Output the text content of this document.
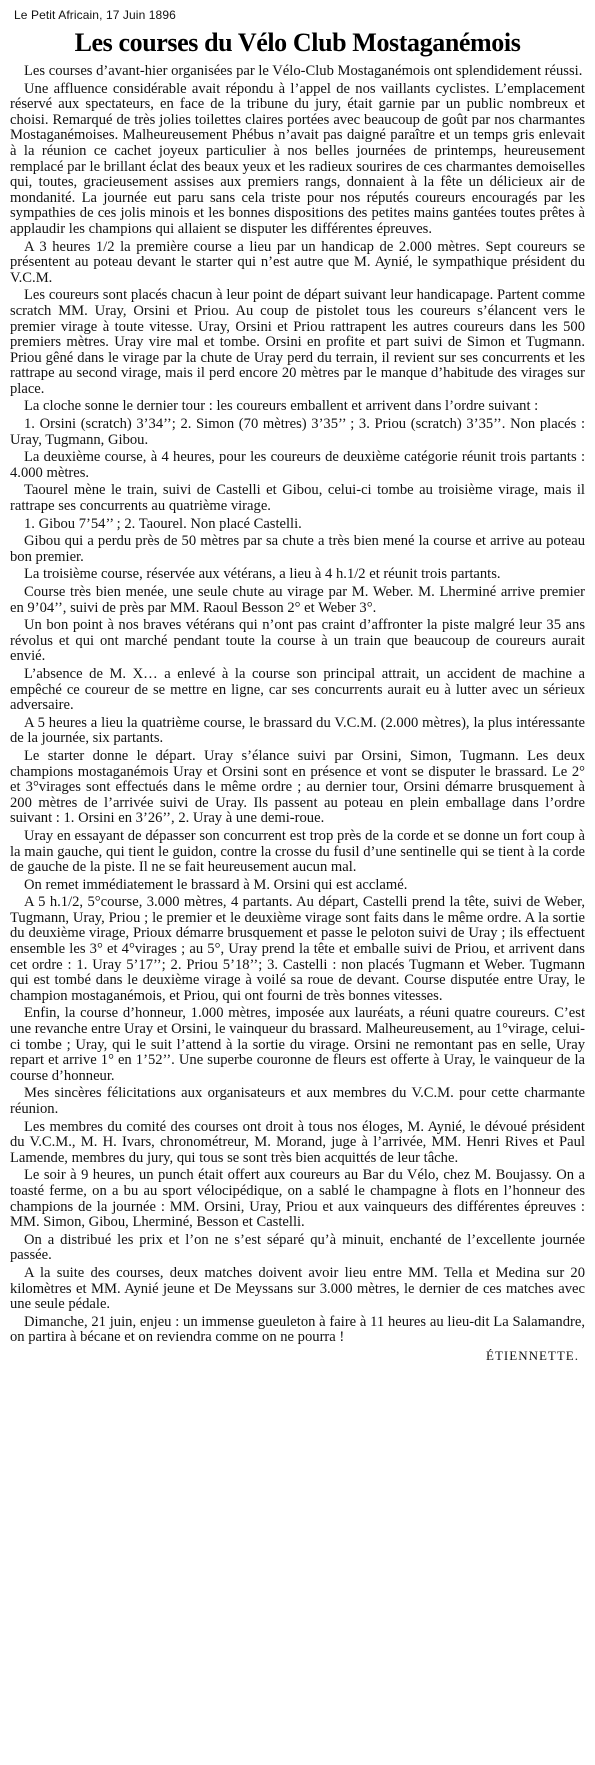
Le Petit Africain, 17 Juin 1896
Les courses du Vélo Club Mostaganémois

Les courses d’avant-hier organisées par le Vélo-Club Mostaganémois ont splendidement réussi.

Une affluence considérable avait répondu à l’appel de nos vaillants cyclistes. L’emplacement réservé aux spectateurs, en face de la tribune du jury, était garnie par un public nombreux et choisi. Remarqué de très jolies toilettes claires portées avec beaucoup de goût par nos charmantes Mostaganémoises. Malheureusement Phébus n’avait pas daigné paraître et un temps gris enlevait à la réunion ce cachet joyeux particulier à nos belles journées de printemps, heureusement remplacé par le brillant éclat des beaux yeux et les radieux sourires de ces charmantes demoiselles qui, toutes, gracieusement assises aux premiers rangs, donnaient à la fête un délicieux air de mondanité. La journée eut paru sans cela triste pour nos réputés coureurs encouragés par les sympathies de ces jolis minois et les bonnes dispositions des petites mains gantées toutes prêtes à applaudir les champions qui allaient se disputer les différentes épreuves.

A 3 heures 1/2 la première course a lieu par un handicap de 2.000 mètres. Sept coureurs se présentent au poteau devant le starter qui n’est autre que M. Aynié, le sympathique président du V.C.M.

Les coureurs sont placés chacun à leur point de départ suivant leur handicapage. Partent comme scratch MM. Uray, Orsini et Priou. Au coup de pistolet tous les coureurs s’élancent vers le premier virage à toute vitesse. Uray, Orsini et Priou rattrapent les autres coureurs dans les 500 premiers mètres. Uray vire mal et tombe. Orsini en profite et part suivi de Simon et Tugmann. Priou gêné dans le virage par la chute de Uray perd du terrain, il revient sur ses concurrents et les rattrape au second virage, mais il perd encore 20 mètres par le manque d’habitude des virages sur place.

La cloche sonne le dernier tour : les coureurs emballent et arrivent dans l’ordre suivant :

1. Orsini (scratch) 3’34’’; 2. Simon (70 mètres) 3’35’’ ; 3. Priou (scratch) 3’35’’. Non placés : Uray, Tugmann, Gibou.

La deuxième course, à 4 heures, pour les coureurs de deuxième catégorie réunit trois partants : 4.000 mètres.

Taourel mène le train, suivi de Castelli et Gibou, celui-ci tombe au troisième virage, mais il rattrape ses concurrents au quatrième virage.

1. Gibou 7’54’’ ; 2. Taourel. Non placé Castelli.

Gibou qui a perdu près de 50 mètres par sa chute a très bien mené la course et arrive au poteau bon premier.

La troisième course, réservée aux vétérans, a lieu à 4 h.1/2 et réunit trois partants.

Course très bien menée, une seule chute au virage par M. Weber. M. Lherminé arrive premier en 9’04’’, suivi de près par MM. Raoul Besson 2° et Weber 3°.

Un bon point à nos braves vétérans qui n’ont pas craint d’affronter la piste malgré leur 35 ans révolus et qui ont marché pendant toute la course à un train que beaucoup de coureurs aurait envié.

L’absence de M. X… a enlevé à la course son principal attrait, un accident de machine a empêché ce coureur de se mettre en ligne, car ses concurrents aurait eu à lutter avec un sérieux adversaire.

A 5 heures a lieu la quatrième course, le brassard du V.C.M. (2.000 mètres), la plus intéressante de la journée, six partants.

Le starter donne le départ. Uray s’élance suivi par Orsini, Simon, Tugmann. Les deux champions mostaganémois Uray et Orsini sont en présence et vont se disputer le brassard. Le 2° et 3°virages sont effectués dans le même ordre ; au dernier tour, Orsini démarre brusquement à 200 mètres de l’arrivée suivi de Uray. Ils passent au poteau en plein emballage dans l’ordre suivant : 1. Orsini en 3’26’’, 2. Uray à une demi-roue.

Uray en essayant de dépasser son concurrent est trop près de la corde et se donne un fort coup à la main gauche, qui tient le guidon, contre la crosse du fusil d’une sentinelle qui se tient à la corde de gauche de la piste. Il ne se fait heureusement aucun mal.

On remet immédiatement le brassard à M. Orsini qui est acclamé.

A 5 h.1/2, 5°course, 3.000 mètres, 4 partants. Au départ, Castelli prend la tête, suivi de Weber, Tugmann, Uray, Priou ; le premier et le deuxième virage sont faits dans le même ordre. A la sortie du deuxième virage, Prioux démarre brusquement et passe le peloton suivi de Uray ; ils effectuent ensemble les 3° et 4°virages ; au 5°, Uray prend la tête et emballe suivi de Priou, et arrivent dans cet ordre : 1. Uray 5’17’’; 2. Priou 5’18’’; 3. Castelli : non placés Tugmann et Weber. Tugmann qui est tombé dans le deuxième virage à voilé sa roue de devant. Course disputée entre Uray, le champion mostaganémois, et Priou, qui ont fourni de très bonnes vitesses.

Enfin, la course d’honneur, 1.000 mètres, imposée aux lauréats, a réuni quatre coureurs. C’est une revanche entre Uray et Orsini, le vainqueur du brassard. Malheureusement, au 1°virage, celui-ci tombe ; Uray, qui le suit l’attend à la sortie du virage. Orsini ne remontant pas en selle, Uray repart et arrive 1° en 1’52’’. Une superbe couronne de fleurs est offerte à Uray, le vainqueur de la course d’honneur.

Mes sincères félicitations aux organisateurs et aux membres du V.C.M. pour cette charmante réunion.

Les membres du comité des courses ont droit à tous nos éloges, M. Aynié, le dévoué président du V.C.M., M. H. Ivars, chronométreur, M. Morand, juge à l’arrivée, MM. Henri Rives et Paul Lamende, membres du jury, qui tous se sont très bien acquittés de leur tâche.

Le soir à 9 heures, un punch était offert aux coureurs au Bar du Vélo, chez M. Boujassy. On a toasté ferme, on a bu au sport vélocipédique, on a sablé le champagne à flots en l’honneur des champions de la journée : MM. Orsini, Uray, Priou et aux vainqueurs des différentes épreuves : MM. Simon, Gibou, Lherminé, Besson et Castelli.

On a distribué les prix et l’on ne s’est séparé qu’à minuit, enchanté de l’excellente journée passée.

A la suite des courses, deux matches doivent avoir lieu entre MM. Tella et Medina sur 20 kilomètres et MM. Aynié jeune et De Meyssans sur 3.000 mètres, le dernier de ces matches avec une seule pédale.

Dimanche, 21 juin, enjeu : un immense gueuleton à faire à 11 heures au lieu-dit La Salamandre, on partira à bécane et on reviendra comme on ne pourra !

ÉTIENNETTE.
